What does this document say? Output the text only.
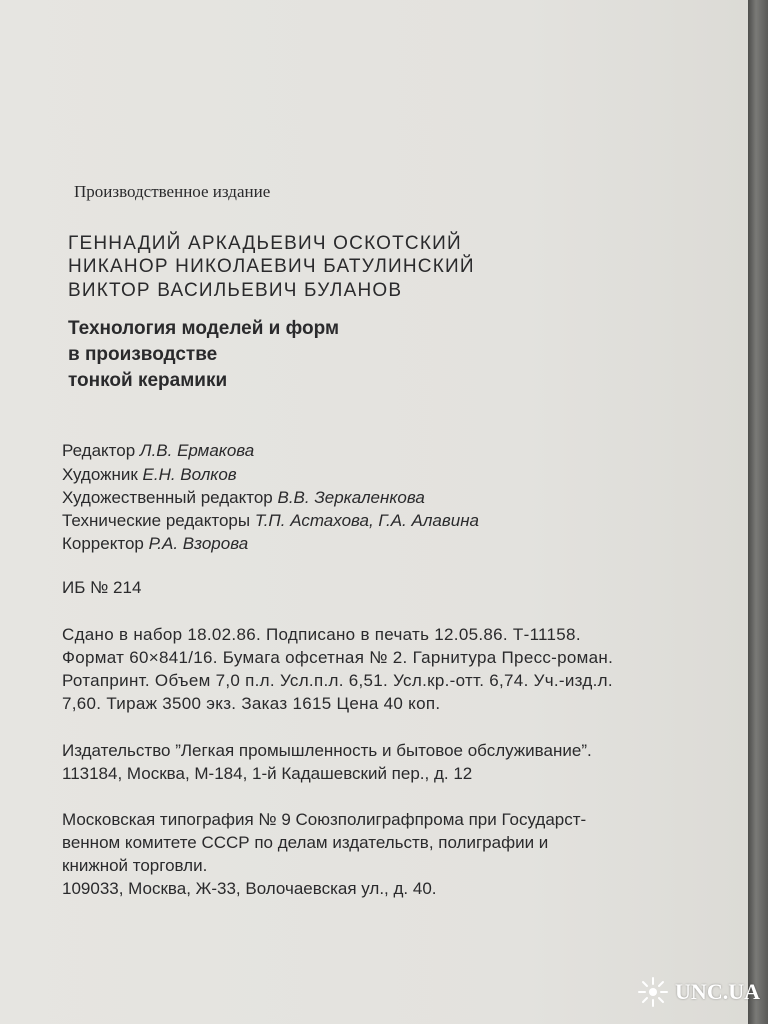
Производственное издание
ГЕННАДИЙ АРКАДЬЕВИЧ ОСКОТСКИЙ
НИКАНОР НИКОЛАЕВИЧ БАТУЛИНСКИЙ
ВИКТОР ВАСИЛЬЕВИЧ БУЛАНОВ
Технология моделей и форм
в производстве
тонкой керамики
Редактор Л.В. Ермакова
Художник Е.Н. Волков
Художественный редактор В.В. Зеркаленкова
Технические редакторы Т.П. Астахова, Г.А. Алавина
Корректор Р.А. Взорова
ИБ № 214
Сдано в набор 18.02.86. Подписано в печать 12.05.86. Т-11158.
Формат 60×841/16. Бумага офсетная № 2. Гарнитура Пресс-роман.
Ротапринт. Объем 7,0 п.л. Усл.п.л. 6,51. Усл.кр.-отт. 6,74. Уч.-изд.л.
7,60. Тираж 3500 экз. Заказ 1615 Цена 40 коп.
Издательство ”Легкая промышленность и бытовое обслуживание”.
113184, Москва, М-184, 1-й Кадашевский пер., д. 12
Московская типография № 9 Союзполиграфпрома при Государст-
венном комитете СССР по делам издательств, полиграфии и
книжной торговли.
109033, Москва, Ж-33, Волочаевская ул., д. 40.
UNC.UA
